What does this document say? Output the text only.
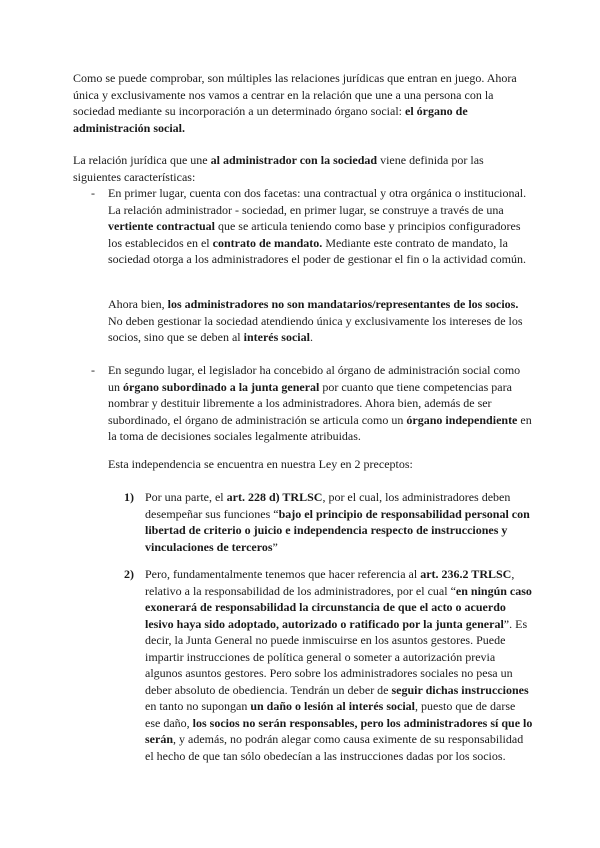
Como se puede comprobar, son múltiples las relaciones jurídicas que entran en juego. Ahora única y exclusivamente nos vamos a centrar en la relación que une a una persona con la sociedad mediante su incorporación a un determinado órgano social: el órgano de administración social.

La relación jurídica que une al administrador con la sociedad viene definida por las siguientes características:

- En primer lugar, cuenta con dos facetas: una contractual y otra orgánica o institucional. La relación administrador - sociedad, en primer lugar, se construye a través de una vertiente contractual que se articula teniendo como base y principios configuradores los establecidos en el contrato de mandato. Mediante este contrato de mandato, la sociedad otorga a los administradores el poder de gestionar el fin o la actividad común.

Ahora bien, los administradores no son mandatarios/representantes de los socios. No deben gestionar la sociedad atendiendo única y exclusivamente los intereses de los socios, sino que se deben al interés social.

- En segundo lugar, el legislador ha concebido al órgano de administración social como un órgano subordinado a la junta general por cuanto que tiene competencias para nombrar y destituir libremente a los administradores. Ahora bien, además de ser subordinado, el órgano de administración se articula como un órgano independiente en la toma de decisiones sociales legalmente atribuidas.

Esta independencia se encuentra en nuestra Ley en 2 preceptos:

1) Por una parte, el art. 228 d) TRLSC, por el cual, los administradores deben desempeñar sus funciones “bajo el principio de responsabilidad personal con libertad de criterio o juicio e independencia respecto de instrucciones y vinculaciones de terceros”

2) Pero, fundamentalmente tenemos que hacer referencia al art. 236.2 TRLSC, relativo a la responsabilidad de los administradores, por el cual “en ningún caso exonerará de responsabilidad la circunstancia de que el acto o acuerdo lesivo haya sido adoptado, autorizado o ratificado por la junta general”. Es decir, la Junta General no puede inmiscuirse en los asuntos gestores. Puede impartir instrucciones de política general o someter a autorización previa algunos asuntos gestores. Pero sobre los administradores sociales no pesa un deber absoluto de obediencia. Tendrán un deber de seguir dichas instrucciones en tanto no supongan un daño o lesión al interés social, puesto que de darse ese daño, los socios no serán responsables, pero los administradores sí que lo serán, y además, no podrán alegar como causa eximente de su responsabilidad el hecho de que tan sólo obedecían a las instrucciones dadas por los socios.
